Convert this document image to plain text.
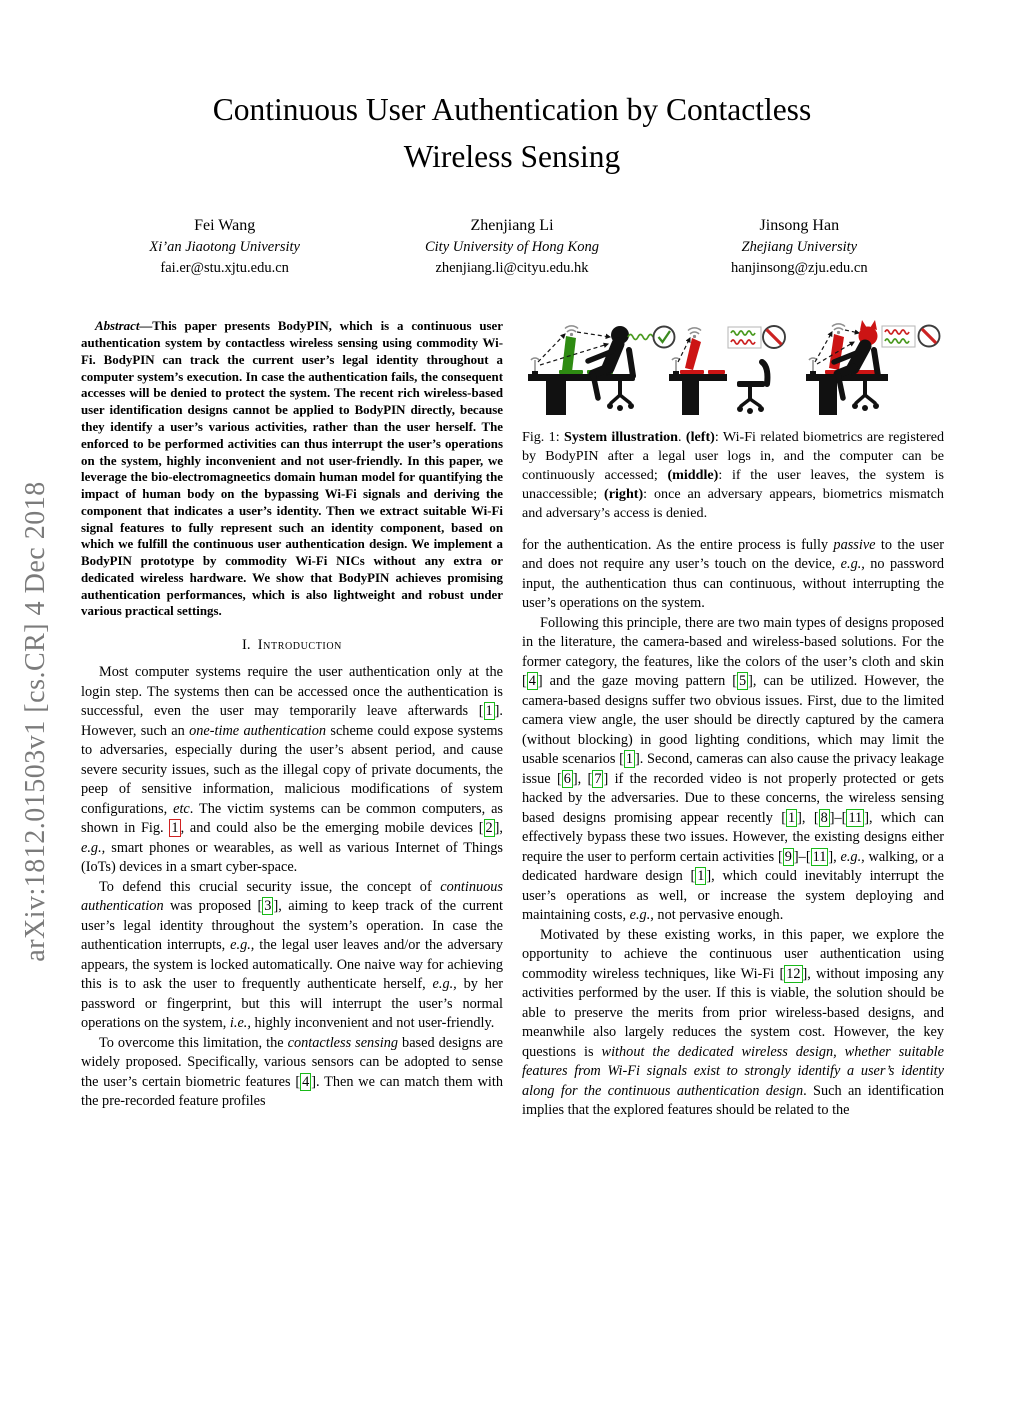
arXiv:1812.01503v1 [cs.CR] 4 Dec 2018
Continuous User Authentication by Contactless
Wireless Sensing
Fei Wang
Xi’an Jiaotong University
fai.er@stu.xjtu.edu.cn
Zhenjiang Li
City University of Hong Kong
zhenjiang.li@cityu.edu.hk
Jinsong Han
Zhejiang University
hanjinsong@zju.edu.cn

Abstract—This paper presents BodyPIN, which is a continuous user authentication system by contactless wireless sensing using commodity Wi-Fi. BodyPIN can track the current user’s legal identity throughout a computer system’s execution. In case the authentication fails, the consequent accesses will be denied to protect the system. The recent rich wireless-based user identification designs cannot be applied to BodyPIN directly, because they identify a user’s various activities, rather than the user herself. The enforced to be performed activities can thus interrupt the user’s operations on the system, highly inconvenient and not user-friendly. In this paper, we leverage the bio-electromagneetics domain human model for quantifying the impact of human body on the bypassing Wi-Fi signals and deriving the component that indicates a user’s identity. Then we extract suitable Wi-Fi signal features to fully represent such an identity component, based on which we fulfill the continuous user authentication design. We implement a BodyPIN prototype by commodity Wi-Fi NICs without any extra or dedicated wireless hardware. We show that BodyPIN achieves promising authentication performances, which is also lightweight and robust under various practical settings.

I. Introduction

Most computer systems require the user authentication only at the login step. The systems then can be accessed once the authentication is successful, even the user may temporarily leave afterwards [ 1 ]. However, such an one-time authentication scheme could expose systems to adversaries, especially during the user’s absent period, and cause severe security issues, such as the illegal copy of private documents, the peep of sensitive information, malicious modifications of system configurations, etc. The victim systems can be common computers, as shown in Fig. 1 , and could also be the emerging mobile devices [ 2 ], e.g., smart phones or wearables, as well as various Internet of Things (IoTs) devices in a smart cyber-space.

To defend this crucial security issue, the concept of continuous authentication was proposed [ 3 ], aiming to keep track of the current user’s legal identity throughout the system’s operation. In case the authentication interrupts, e.g., the legal user leaves and/or the adversary appears, the system is locked automatically. One naive way for achieving this is to ask the user to frequently authenticate herself, e.g., by her password or fingerprint, but this will interrupt the user’s normal operations on the system, i.e., highly inconvenient and not user-friendly.

To overcome this limitation, the contactless sensing based designs are widely proposed. Specifically, various sensors can be adopted to sense the user’s certain biometric features [ 4 ]. Then we can match them with the pre-recorded feature profiles

Fig. 1: System illustration. (left): Wi-Fi related biometrics are registered by BodyPIN after a legal user logs in, and the computer can be continuously accessed; (middle): if the user leaves, the system is unaccessible; (right): once an adversary appears, biometrics mismatch and adversary’s access is denied.

for the authentication. As the entire process is fully passive to the user and does not require any user’s touch on the device, e.g., no password input, the authentication thus can continuous, without interrupting the user’s operations on the system.

Following this principle, there are two main types of designs proposed in the literature, the camera-based and wireless-based solutions. For the former category, the features, like the colors of the user’s cloth and skin [ 4 ] and the gaze moving pattern [ 5 ], can be utilized. However, the camera-based designs suffer two obvious issues. First, due to the limited camera view angle, the user should be directly captured by the camera (without blocking) in good lighting conditions, which may limit the usable scenarios [ 1 ]. Second, cameras can also cause the privacy leakage issue [ 6 ], [ 7 ] if the recorded video is not properly protected or gets hacked by the adversaries. Due to these concerns, the wireless sensing based designs promising appear recently [ 1 ], [ 8 ]–[ 11 ], which can effectively bypass these two issues. However, the existing designs either require the user to perform certain activities [ 9 ]–[ 11 ], e.g., walking, or a dedicated hardware design [ 1 ], which could inevitably interrupt the user’s operations as well, or increase the system deploying and maintaining costs, e.g., not pervasive enough.

Motivated by these existing works, in this paper, we explore the opportunity to achieve the continuous user authentication using commodity wireless techniques, like Wi-Fi [ 12 ], without imposing any activities performed by the user. If this is viable, the solution should be able to preserve the merits from prior wireless-based designs, and meanwhile also largely reduces the system cost. However, the key questions is without the dedicated wireless design, whether suitable features from Wi-Fi signals exist to strongly identify a user’s identity along for the continuous authentication design. Such an identification implies that the explored features should be related to the
